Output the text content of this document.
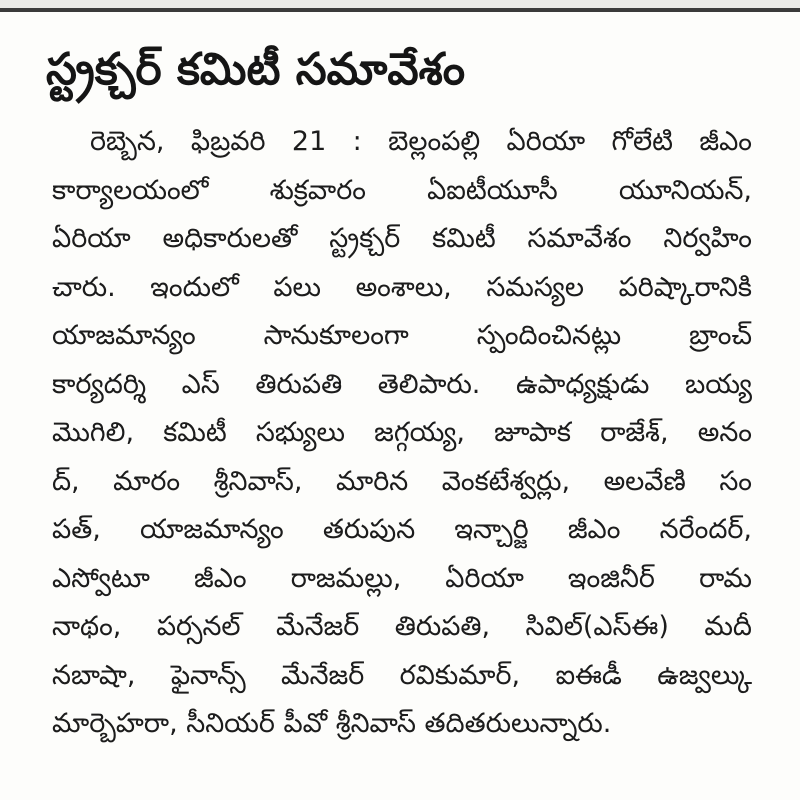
స్ట్రక్చర్ కమిటీ సమావేశం
రెబ్బెన, ఫిబ్రవరి 21 : బెల్లంపల్లి ఏరియా గోలేటి జీఎం
కార్యాలయంలో శుక్రవారం ఏఐటీయూసీ యూనియన్,
ఏరియా అధికారులతో స్ట్రక్చర్ కమిటీ సమావేశం నిర్వహిం
చారు. ఇందులో పలు అంశాలు, సమస్యల పరిష్కారానికి
యాజమాన్యం సానుకూలంగా స్పందించినట్లు బ్రాంచ్
కార్యదర్శి ఎస్ తిరుపతి తెలిపారు. ఉపాధ్యక్షుడు బయ్య
మొగిలి, కమిటీ సభ్యులు జగ్గయ్య, జూపాక రాజేశ్, అనం
ద్, మారం శ్రీనివాస్, మారిన వెంకటేశ్వర్లు, అలవేణి సం
పత్, యాజమాన్యం తరుపున ఇన్చార్జి జీఎం నరేందర్,
ఎస్వోటూ జీఎం రాజమల్లు, ఏరియా ఇంజినీర్ రామ
నాథం, పర్సనల్ మేనేజర్ తిరుపతి, సివిల్(ఎస్ఈ) మదీ
నబాషా, ఫైనాన్స్ మేనేజర్ రవికుమార్, ఐఈడీ ఉజ్వల్కు
మార్బెహరా, సీనియర్ పీవో శ్రీనివాస్ తదితరులున్నారు.
